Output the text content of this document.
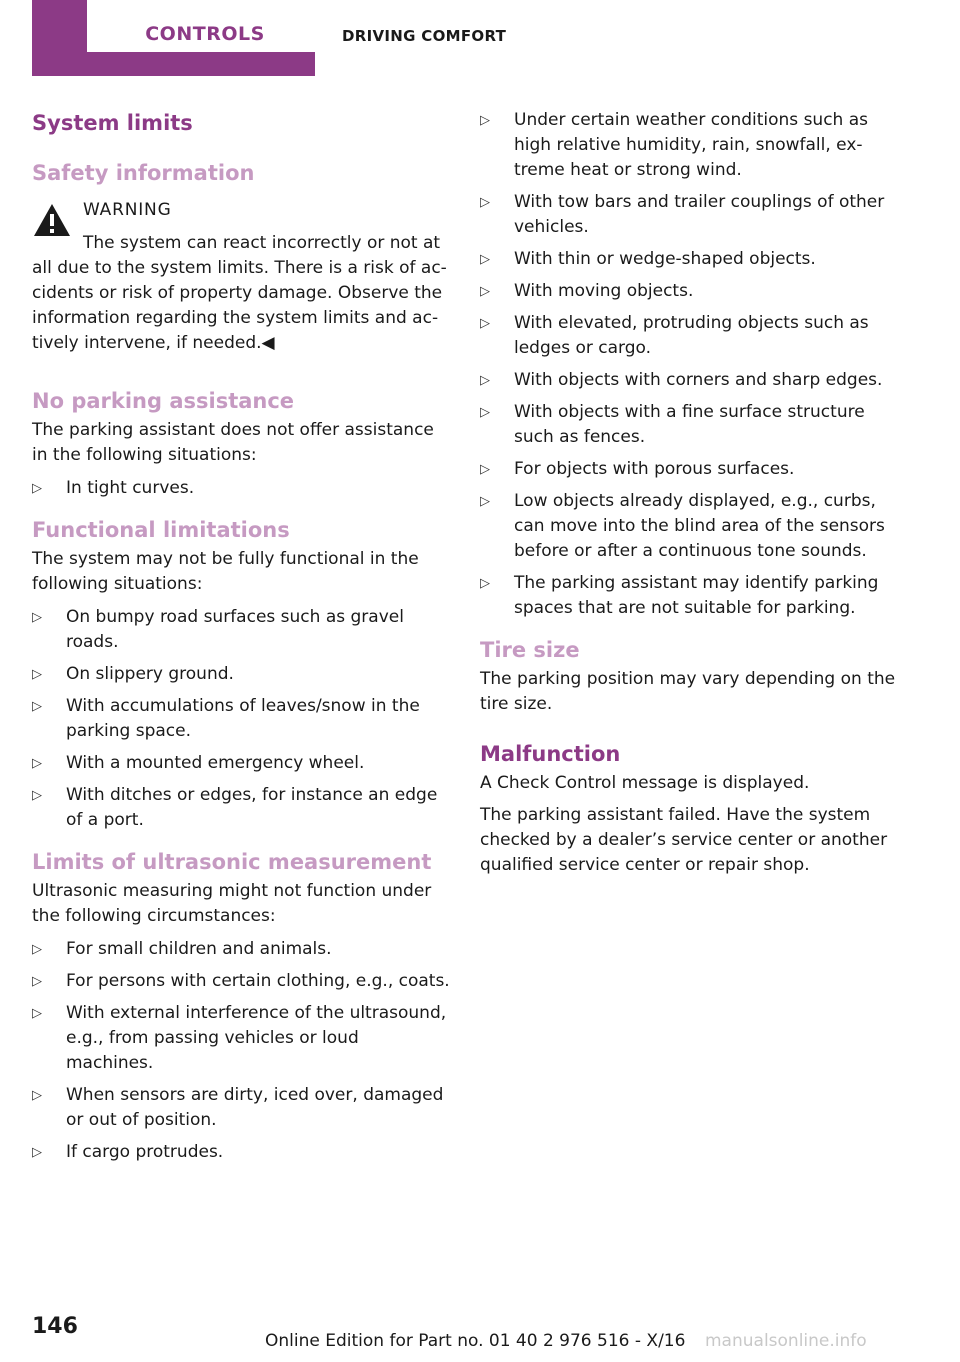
CONTROLS	DRIVING COMFORT
System limits
Safety information
WARNING
The system can react incorrectly or not at

all due to the system limits. There is a risk of accidents or risk of property damage. Observe the information regarding the system limits and actively intervene, if needed.◀

No parking assistance

The parking assistant does not offer assistance in the following situations:

▷	In tight curves.
Functional limitations

The system may not be fully functional in the following situations:

▷	On bumpy road surfaces such as gravel roads.
▷	On slippery ground.
▷	With accumulations of leaves/snow in the parking space.
▷	With a mounted emergency wheel.
▷	With ditches or edges, for instance an edge of a port.
Limits of ultrasonic measurement

Ultrasonic measuring might not function under the following circumstances:

▷	For small children and animals.
▷	For persons with certain clothing, e.g., coats.
▷	With external interference of the ultrasound, e.g., from passing vehicles or loud machines.
▷	When sensors are dirty, iced over, damaged or out of position.
▷	If cargo protrudes.
▷	Under certain weather conditions such as high relative humidity, rain, snowfall, extreme heat or strong wind.
▷	With tow bars and trailer couplings of other vehicles.
▷	With thin or wedge-shaped objects.
▷	With moving objects.
▷	With elevated, protruding objects such as ledges or cargo.
▷	With objects with corners and sharp edges.
▷	With objects with a fine surface structure such as fences.
▷	For objects with porous surfaces.
▷	Low objects already displayed, e.g., curbs, can move into the blind area of the sensors before or after a continuous tone sounds.
▷	The parking assistant may identify parking spaces that are not suitable for parking.
Tire size

The parking position may vary depending on the tire size.

Malfunction

A Check Control message is displayed.

The parking assistant failed. Have the system checked by a dealer’s service center or another qualified service center or repair shop.

146
Online Edition for Part no. 01 40 2 976 516 - X/16 manualsonline.info
